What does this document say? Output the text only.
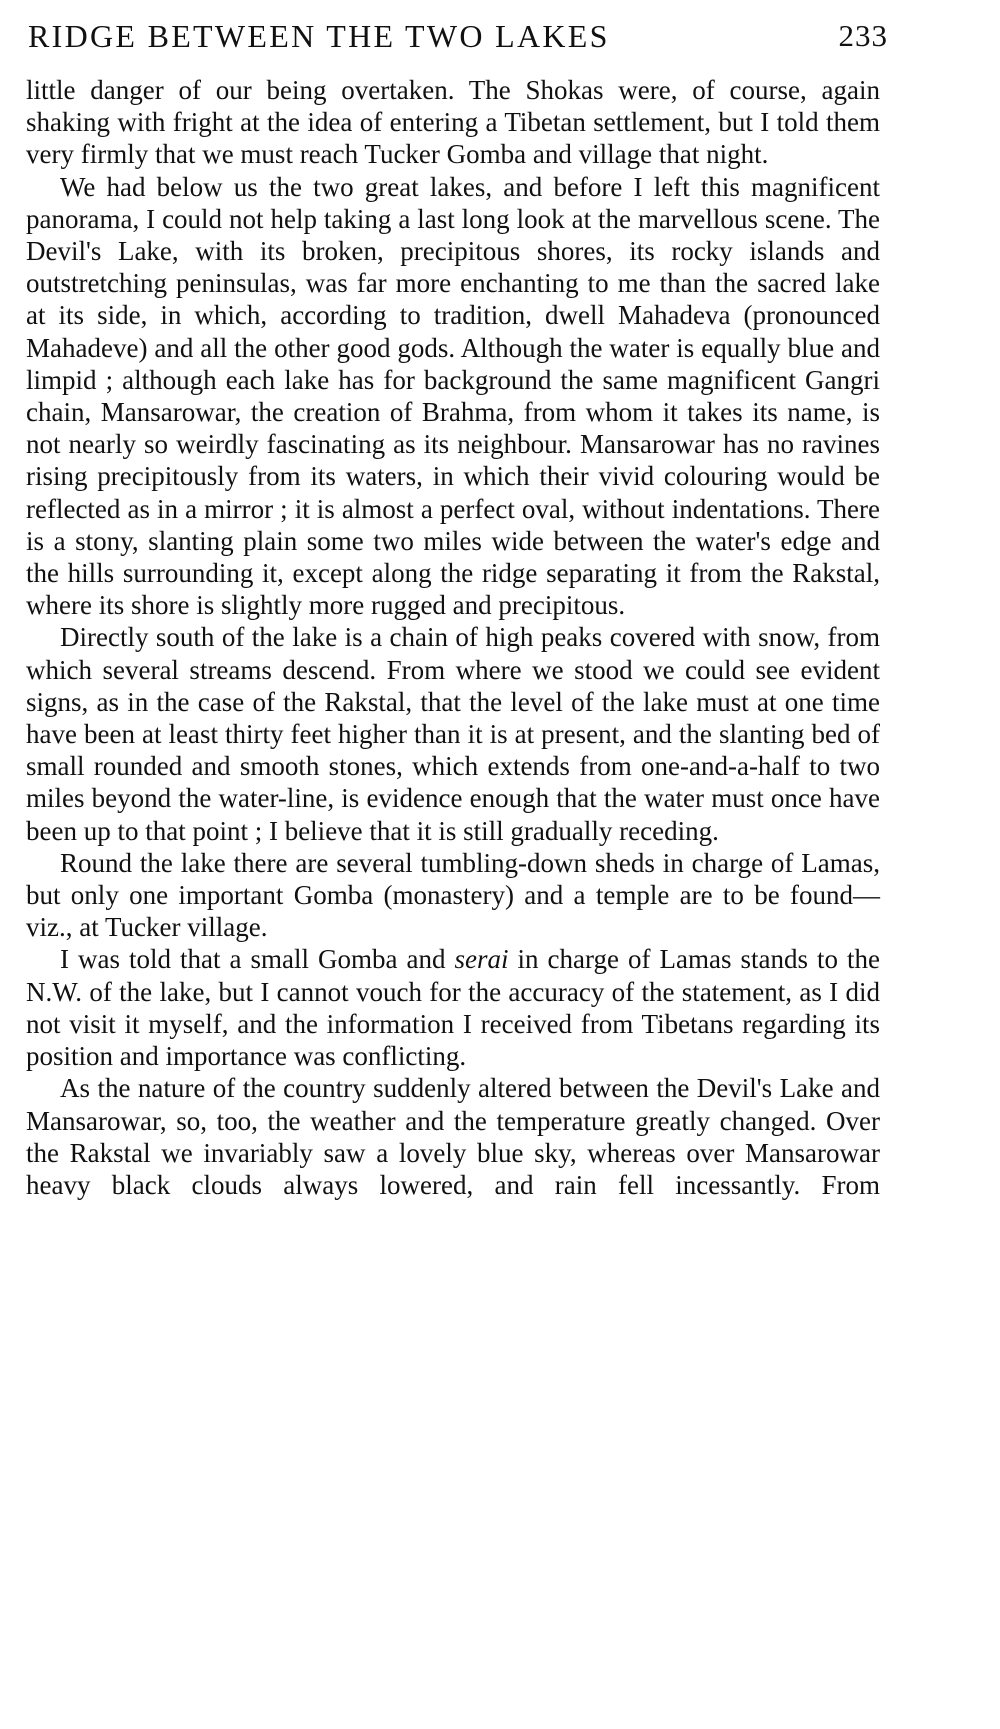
RIDGE BETWEEN THE TWO LAKES	233

little danger of our being overtaken. The Shokas were, of course, again shaking with fright at the idea of entering a Tibetan settlement, but I told them very firmly that we must reach Tucker Gomba and village that night.

We had below us the two great lakes, and before I left this magnificent panorama, I could not help taking a last long look at the marvellous scene. The Devil's Lake, with its broken, precipitous shores, its rocky islands and outstretching peninsulas, was far more enchanting to me than the sacred lake at its side, in which, according to tradition, dwell Mahadeva (pronounced Mahadeve) and all the other good gods. Although the water is equally blue and limpid ; although each lake has for background the same magnificent Gangri chain, Mansarowar, the creation of Brahma, from whom it takes its name, is not nearly so weirdly fascinating as its neighbour. Mansarowar has no ravines rising precipitously from its waters, in which their vivid colouring would be reflected as in a mirror ; it is almost a perfect oval, without indentations. There is a stony, slanting plain some two miles wide between the water's edge and the hills surrounding it, except along the ridge separating it from the Rakstal, where its shore is slightly more rugged and precipitous.

Directly south of the lake is a chain of high peaks covered with snow, from which several streams descend. From where we stood we could see evident signs, as in the case of the Rakstal, that the level of the lake must at one time have been at least thirty feet higher than it is at present, and the slanting bed of small rounded and smooth stones, which extends from one-and-a-half to two miles beyond the water-line, is evidence enough that the water must once have been up to that point ; I believe that it is still gradually receding.

Round the lake there are several tumbling-down sheds in charge of Lamas, but only one important Gomba (monastery) and a temple are to be found—viz., at Tucker village.

I was told that a small Gomba and serai in charge of Lamas stands to the N.W. of the lake, but I cannot vouch for the accuracy of the statement, as I did not visit it myself, and the information I received from Tibetans regarding its position and importance was conflicting.

As the nature of the country suddenly altered between the Devil's Lake and Mansarowar, so, too, the weather and the temperature greatly changed. Over the Rakstal we invariably saw a lovely blue sky, whereas over Mansarowar heavy black clouds always lowered, and rain fell incessantly. From
